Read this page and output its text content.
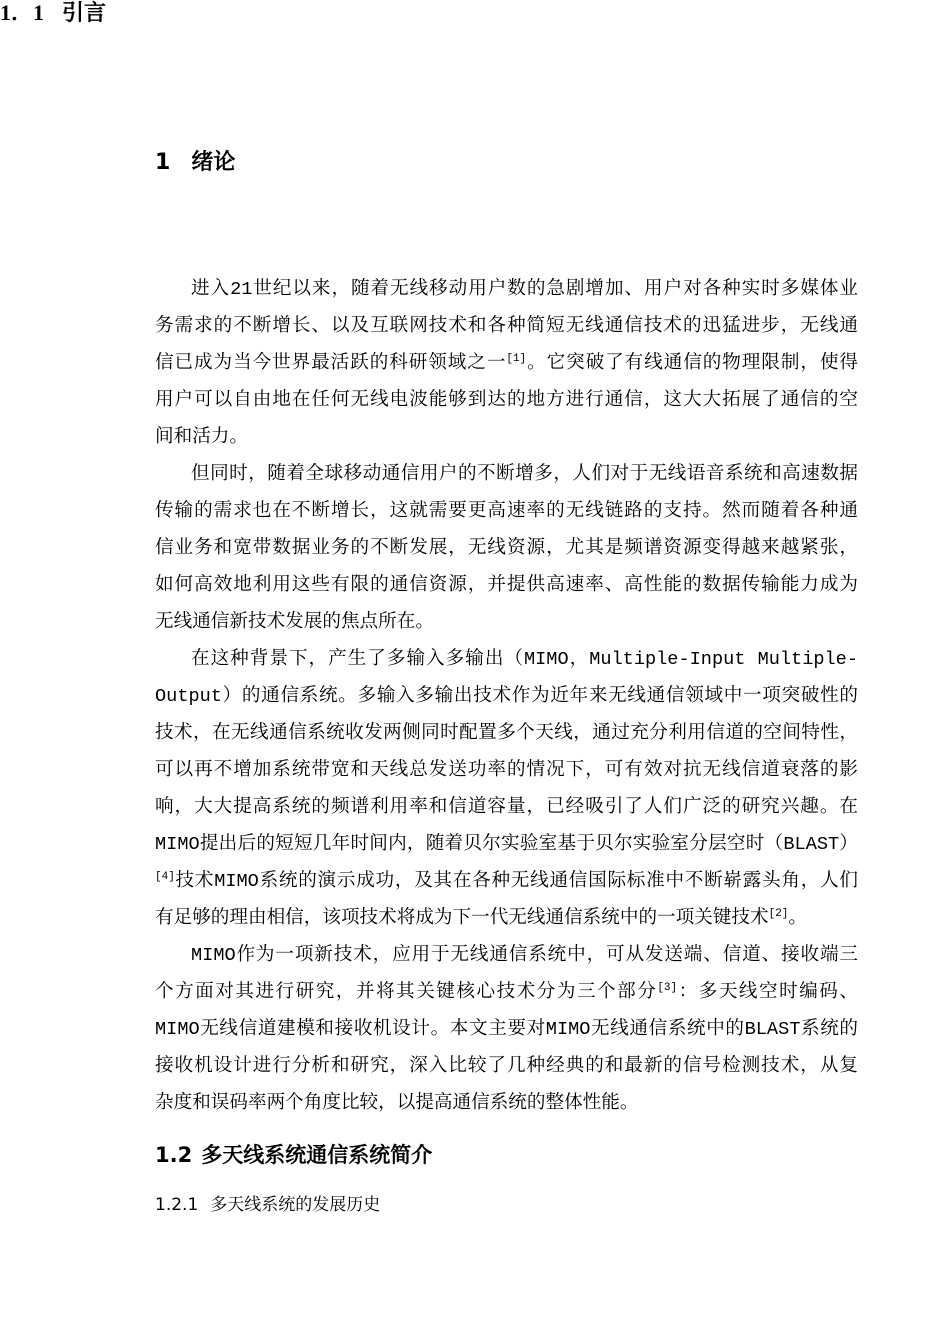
1 绪论
1．1 引言
进入21世纪以来，随着无线移动用户数的急剧增加、用户对各种实时多媒体业
务需求的不断增长、以及互联网技术和各种简短无线通信技术的迅猛进步，无线通
信已成为当今世界最活跃的科研领域之一[1]。它突破了有线通信的物理限制，使得
用户可以自由地在任何无线电波能够到达的地方进行通信，这大大拓展了通信的空
间和活力。
但同时，随着全球移动通信用户的不断增多，人们对于无线语音系统和高速数据
传输的需求也在不断增长，这就需要更高速率的无线链路的支持。然而随着各种通
信业务和宽带数据业务的不断发展，无线资源，尤其是频谱资源变得越来越紧张，
如何高效地利用这些有限的通信资源，并提供高速率、高性能的数据传输能力成为
无线通信新技术发展的焦点所在。
在这种背景下，产生了多输入多输出（MIMO，Multiple-Input Multiple-
Output）的通信系统。多输入多输出技术作为近年来无线通信领域中一项突破性的
技术，在无线通信系统收发两侧同时配置多个天线，通过充分利用信道的空间特性，
可以再不增加系统带宽和天线总发送功率的情况下，可有效对抗无线信道衰落的影
响，大大提高系统的频谱利用率和信道容量，已经吸引了人们广泛的研究兴趣。在
MIMO提出后的短短几年时间内，随着贝尔实验室基于贝尔实验室分层空时（BLAST）
[4]技术MIMO系统的演示成功，及其在各种无线通信国际标准中不断崭露头角，人们
有足够的理由相信，该项技术将成为下一代无线通信系统中的一项关键技术[2]。
MIMO作为一项新技术，应用于无线通信系统中，可从发送端、信道、接收端三
个方面对其进行研究，并将其关键核心技术分为三个部分[3]：多天线空时编码、
MIMO无线信道建模和接收机设计。本文主要对MIMO无线通信系统中的BLAST系统的
接收机设计进行分析和研究，深入比较了几种经典的和最新的信号检测技术，从复
杂度和误码率两个角度比较，以提高通信系统的整体性能。
1.2 多天线系统通信系统简介
1.2.1 多天线系统的发展历史
